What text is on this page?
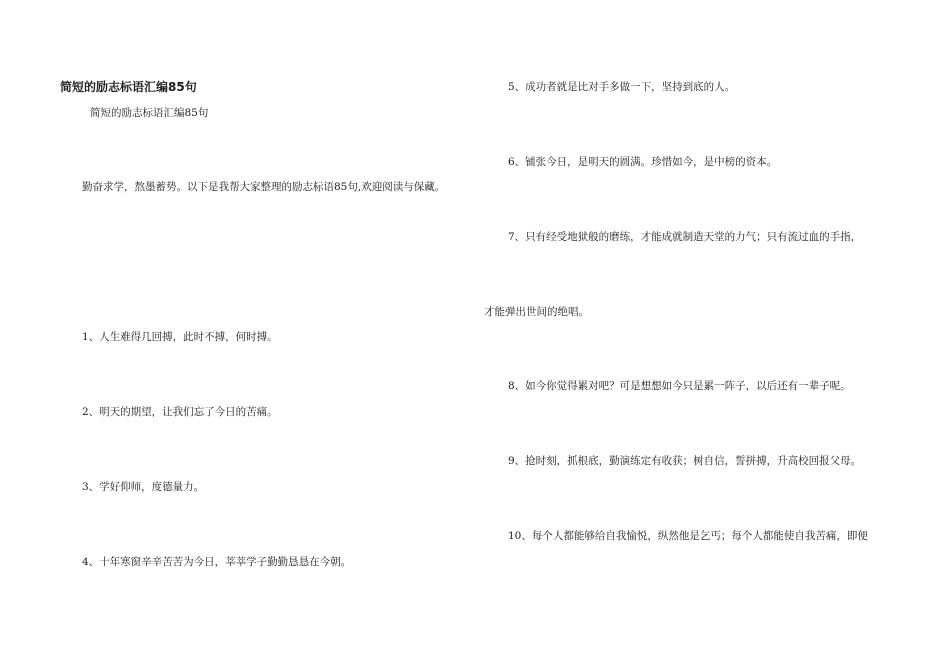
简短的励志标语汇编85句
简短的励志标语汇编85句
勤奋求学，熬墨蓄势。以下是我帮大家整理的励志标语85句,欢迎阅读与保藏。
1、人生难得几回搏，此时不搏，何时搏。
2、明天的期望，让我们忘了今日的苦痛。
3、学好仰师，度德量力。
4、十年寒窗辛辛苦苦为今日，莘莘学子勤勤恳恳在今朝。
5、成功者就是比对手多做一下，坚持到底的人。
6、铺张今日，是明天的圆满。珍惜如今，是中榜的资本。
7、只有经受地狱般的磨练，才能成就制造天堂的力气；只有流过血的手指，
才能弹出世间的绝唱。
8、如今你觉得累对吧？可是想想如今只是累一阵子，以后还有一辈子呢。
9、抢时刻，抓根底，勤演练定有收获；树自信，誓拼搏，升高校回报父母。
10、每个人都能够给自我愉悦，纵然他是乞丐；每个人都能使自我苦痛，即便
